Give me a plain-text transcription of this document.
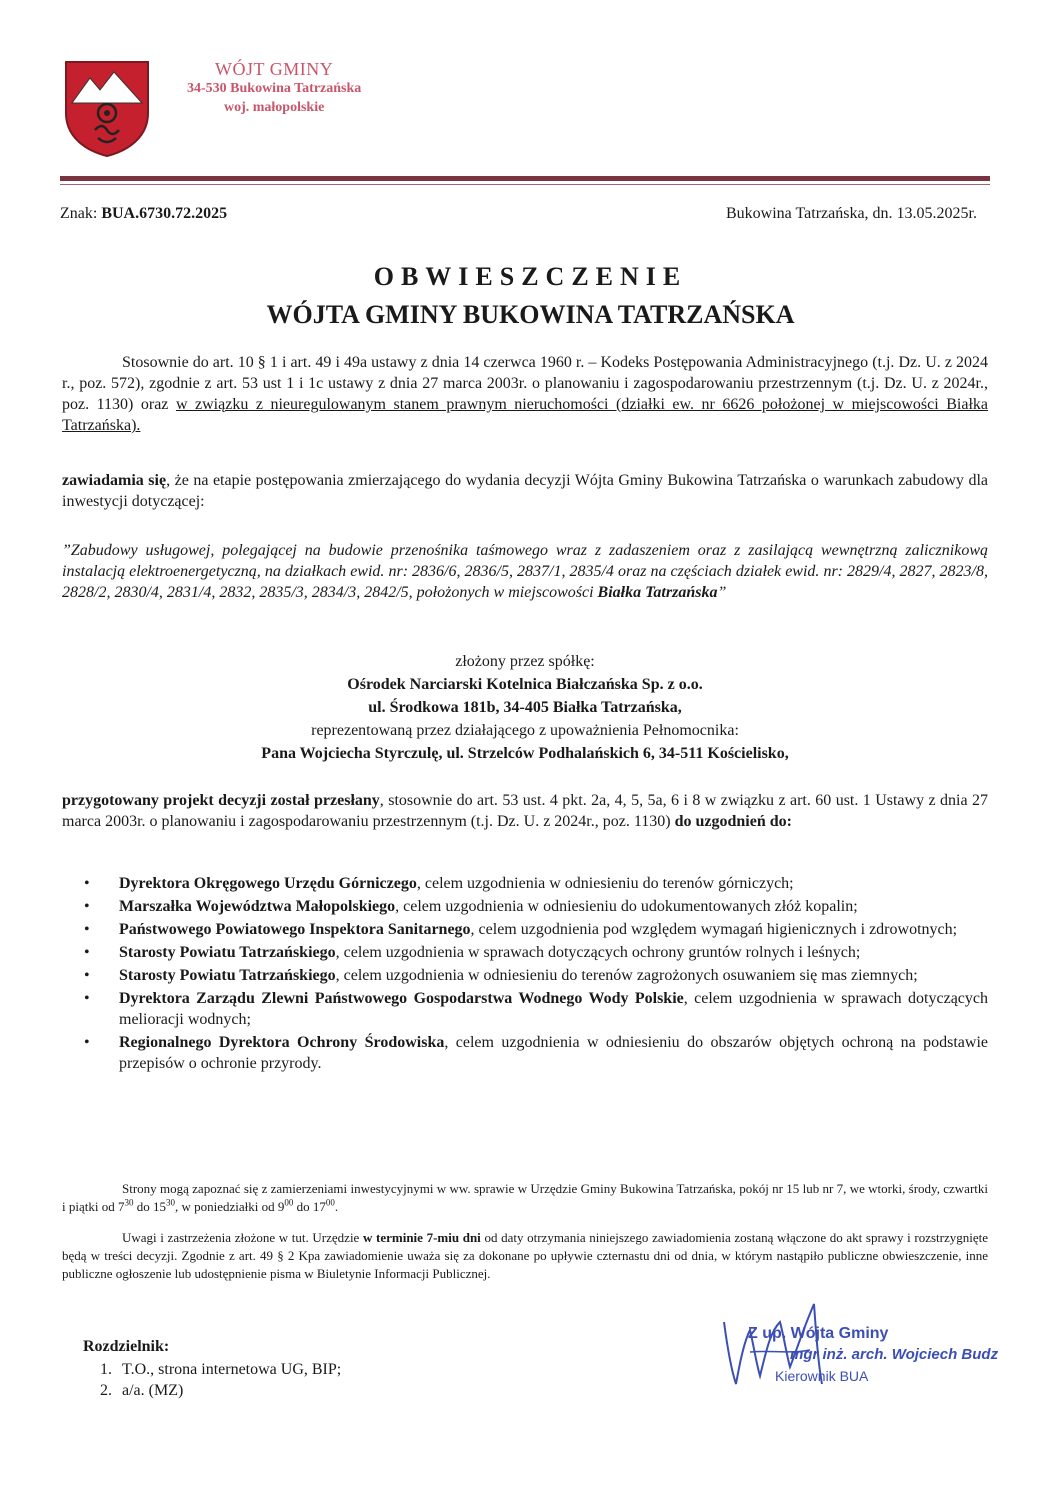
WÓJT GMINY
34-530 Bukowina Tatrzańska
woj. małopolskie
Znak: BUA.6730.72.2025	Bukowina Tatrzańska, dn. 13.05.2025r.
OBWIESZCZENIE
WÓJTA GMINY BUKOWINA TATRZAŃSKA
Stosownie do art. 10 § 1 i art. 49 i 49a ustawy z dnia 14 czerwca 1960 r. – Kodeks Postępowania Administracyjnego (t.j. Dz. U. z 2024 r., poz. 572), zgodnie z art. 53 ust 1 i 1c ustawy z dnia 27 marca 2003r. o planowaniu i zagospodarowaniu przestrzennym (t.j. Dz. U. z 2024r., poz. 1130) oraz w związku z nieuregulowanym stanem prawnym nieruchomości (działki ew. nr 6626 położonej w miejscowości Białka Tatrzańska).
zawiadamia się, że na etapie postępowania zmierzającego do wydania decyzji Wójta Gminy Bukowina Tatrzańska o warunkach zabudowy dla inwestycji dotyczącej:
”Zabudowy usługowej, polegającej na budowie przenośnika taśmowego wraz z zadaszeniem oraz z zasilającą wewnętrzną zalicznikową instalacją elektroenergetyczną, na działkach ewid. nr: 2836/6, 2836/5, 2837/1, 2835/4 oraz na częściach działek ewid. nr: 2829/4, 2827, 2823/8, 2828/2, 2830/4, 2831/4, 2832, 2835/3, 2834/3, 2842/5, położonych w miejscowości Białka Tatrzańska”
złożony przez spółkę:
Ośrodek Narciarski Kotelnica Białczańska Sp. z o.o.
ul. Środkowa 181b, 34-405 Białka Tatrzańska,
reprezentowaną przez działającego z upoważnienia Pełnomocnika:
Pana Wojciecha Styrczulę, ul. Strzelców Podhalańskich 6, 34-511 Kościelisko,
przygotowany projekt decyzji został przesłany, stosownie do art. 53 ust. 4 pkt. 2a, 4, 5, 5a, 6 i 8 w związku z art. 60 ust. 1 Ustawy z dnia 27 marca 2003r. o planowaniu i zagospodarowaniu przestrzennym (t.j. Dz. U. z 2024r., poz. 1130) do uzgodnień do:
• Dyrektora Okręgowego Urzędu Górniczego, celem uzgodnienia w odniesieniu do terenów górniczych;
• Marszałka Województwa Małopolskiego, celem uzgodnienia w odniesieniu do udokumentowanych złóż kopalin;
• Państwowego Powiatowego Inspektora Sanitarnego, celem uzgodnienia pod względem wymagań higienicznych i zdrowotnych;
• Starosty Powiatu Tatrzańskiego, celem uzgodnienia w sprawach dotyczących ochrony gruntów rolnych i leśnych;
• Starosty Powiatu Tatrzańskiego, celem uzgodnienia w odniesieniu do terenów zagrożonych osuwaniem się mas ziemnych;
• Dyrektora Zarządu Zlewni Państwowego Gospodarstwa Wodnego Wody Polskie, celem uzgodnienia w sprawach dotyczących melioracji wodnych;
• Regionalnego Dyrektora Ochrony Środowiska, celem uzgodnienia w odniesieniu do obszarów objętych ochroną na podstawie przepisów o ochronie przyrody.
Strony mogą zapoznać się z zamierzeniami inwestycyjnymi w ww. sprawie w Urzędzie Gminy Bukowina Tatrzańska, pokój nr 15 lub nr 7, we wtorki, środy, czwartki i piątki od $7^{30}$ do $15^{30}$, w poniedziałki od $9^{00}$ do $17^{00}$.
Uwagi i zastrzeżenia złożone w tut. Urzędzie w terminie 7-miu dni od daty otrzymania niniejszego zawiadomienia zostaną włączone do akt sprawy i rozstrzygnięte będą w treści decyzji. Zgodnie z art. 49 § 2 Kpa zawiadomienie uważa się za dokonane po upływie czternastu dni od dnia, w którym nastąpiło publiczne obwieszczenie, inne publiczne ogłoszenie lub udostępnienie pisma w Biuletynie Informacji Publicznej.
Rozdzielnik:
1. T.O., strona internetowa UG, BIP;
2. a/a. (MZ)
Z up. Wójta Gminy
mgr inż. arch. Wojciech Budz
Kierownik BUA
